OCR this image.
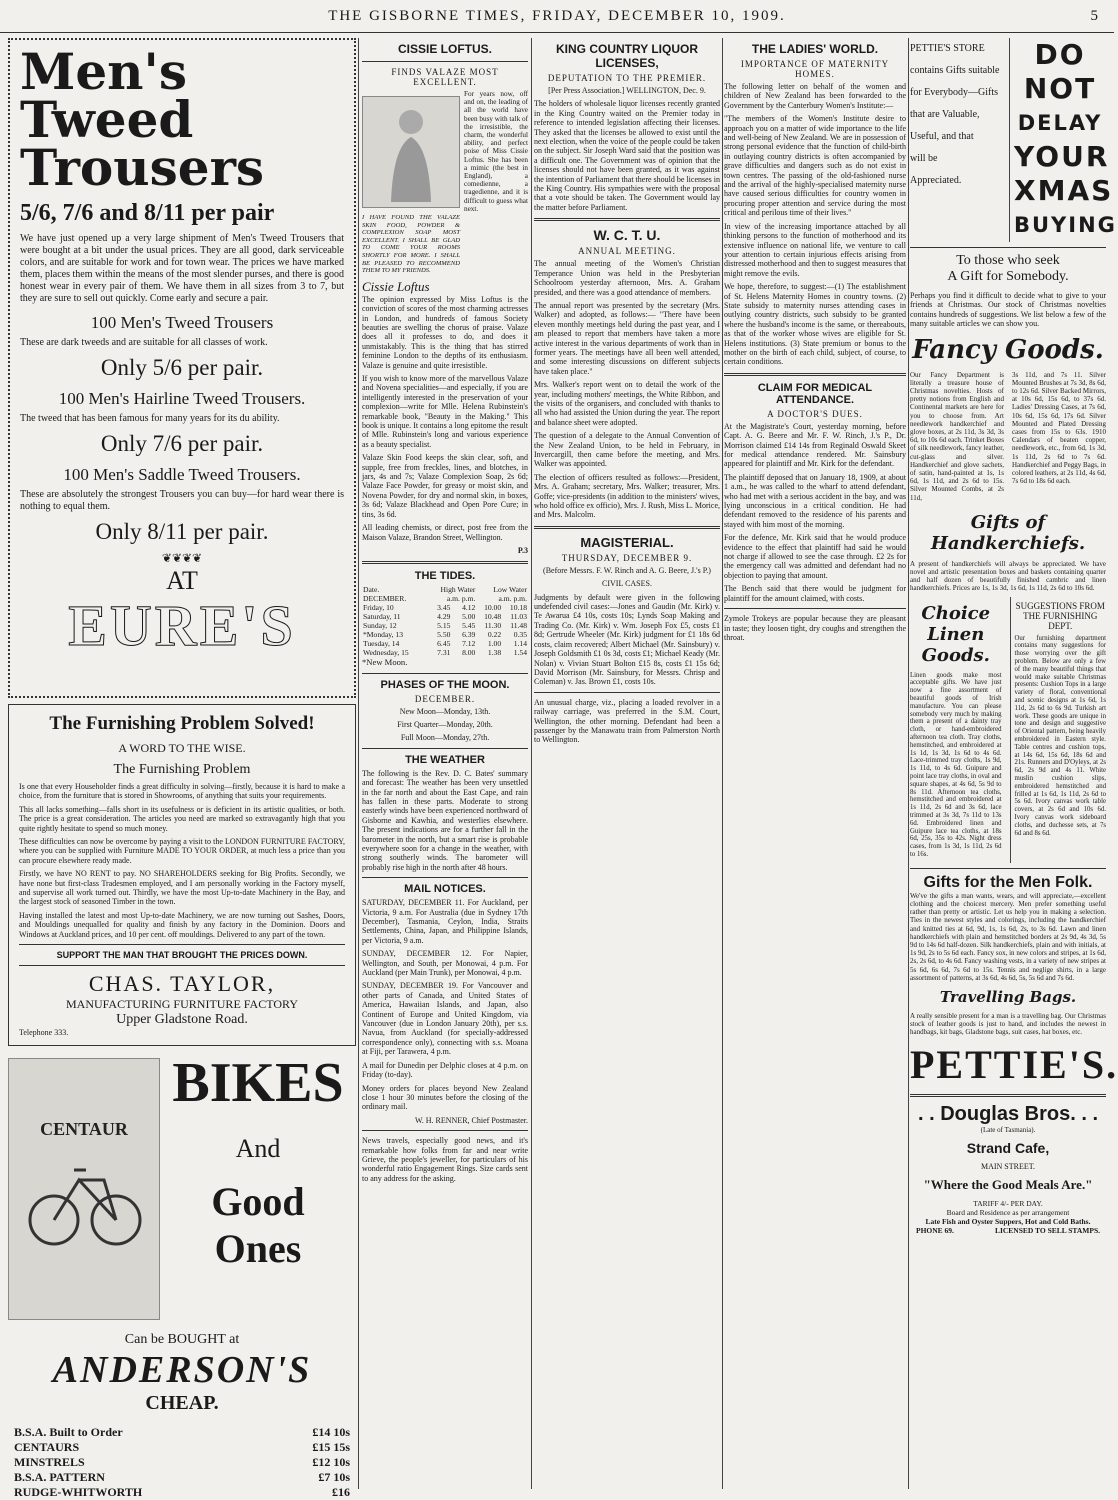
THE GISBORNE TIMES, FRIDAY, DECEMBER 10, 1909.	5
Men's Tweed Trousers
5/6, 7/6 and 8/11 per pair

We have just opened up a very large shipment of Men's Tweed Trousers that were bought at a bit under the usual prices. They are all good, dark serviceable colors, and are suitable for work and for town wear. The prices we have marked them, places them within the means of the most slender purses, and there is good honest wear in every pair of them. We have them in all sizes from 3 to 7, but they are sure to sell out quickly. Come early and secure a pair.

100 Men's Tweed Trousers

These are dark tweeds and are suitable for all classes of work.

Only 5/6 per pair.
100 Men's Hairline Tweed Trousers.

The tweed that has been famous for many years for its du ability.

Only 7/6 per pair.
100 Men's Saddle Tweed Trousers.

These are absolutely the strongest Trousers you can buy—for hard wear there is nothing to equal them.

Only 8/11 per pair.
❦❦❦❦
AT
EURE'S
The Furnishing Problem Solved!
A WORD TO THE WISE.
The Furnishing Problem

Is one that every Householder finds a great difficulty in solving—firstly, because it is hard to make a choice, from the furniture that is stored in Showrooms, of anything that suits your requirements.

This all lacks something—falls short in its usefulness or is deficient in its artistic qualities, or both. The price is a great consideration. The articles you need are marked so extravagantly high that you quite rightly hesitate to spend so much money.

These difficulties can now be overcome by paying a visit to the LONDON FURNITURE FACTORY, where you can be supplied with Furniture MADE TO YOUR ORDER, at much less a price than you can procure elsewhere ready made.

Firstly, we have NO RENT to pay. NO SHAREHOLDERS seeking for Big Profits. Secondly, we have none but first-class Tradesmen employed, and I am personally working in the Factory myself, and supervise all work turned out. Thirdly, we have the most Up-to-date Machinery in the Bay, and the largest stock of seasoned Timber in the town.

Having installed the latest and most Up-to-date Machinery, we are now turning out Sashes, Doors, and Mouldings unequalled for quality and finish by any factory in the Dominion. Doors and Windows at Auckland prices, and 10 per cent. off mouldings. Delivered to any part of the town.

SUPPORT THE MAN THAT BROUGHT THE PRICES DOWN.
CHAS. TAYLOR,
MANUFACTURING FURNITURE FACTORY
Upper Gladstone Road.
Telephone 333.
CENTAUR
BIKES
And
Good
Ones
Can be BOUGHT at
ANDERSON'S
CHEAP.
B.S.A. Built to Order	£14 10s
CENTAURS	£15 15s
MINSTRELS	£12 10s
B.S.A. PATTERN	£7 10s
RUDGE-WHITWORTH	£16
CISSIE LOFTUS.
FINDS VALAZE MOST EXCELLENT.

I HAVE FOUND THE VALAZE SKIN FOOD, POWDER & COMPLEXION SOAP MOST EXCELLENT. I SHALL BE GLAD TO COME YOUR ROOMS SHORTLY FOR MORE. I SHALL BE PLEASED TO RECOMMEND THEM TO MY FRIENDS.

Cissie Loftus

For years now, off and on, the leading of all the world have been busy with talk of the irresistible, the charm, the wonderful ability, and perfect poise of Miss Cissie Loftus. She has been a mimic (the best in England), a comedienne, a tragedienne, and it is difficult to guess what next.

The opinion expressed by Miss Loftus is the conviction of scores of the most charming actresses in London, and hundreds of famous Society beauties are swelling the chorus of praise. Valaze does all it professes to do, and does it unmistakably. This is the thing that has stirred feminine London to the depths of its enthusiasm. Valaze is genuine and quite irresistible.

If you wish to know more of the marvellous Valaze and Novena specialities—and especially, if you are intelligently interested in the preservation of your complexion—write for Mlle. Helena Rubinstein's remarkable book, "Beauty in the Making." This book is unique. It contains a long epitome the result of Mlle. Rubinstein's long and various experience as a beauty specialist.

Valaze Skin Food keeps the skin clear, soft, and supple, free from freckles, lines, and blotches, in jars, 4s and 7s; Valaze Complexion Soap, 2s 6d; Valaze Face Powder, for greasy or moist skin, and Novena Powder, for dry and normal skin, in boxes, 3s 6d; Valaze Blackhead and Open Pore Cure; in tins, 3s 6d.

All leading chemists, or direct, post free from the Maison Valaze, Brandon Street, Wellington.

P.3

THE TIDES.
Date.	High Water		Low Water	
DECEMBER.	a.m. p.m.		a.m. p.m.	
Friday, 10	3.45	4.12	10.00	10.18
Saturday, 11	4.29	5.00	10.48	11.03
Sunday, 12	5.15	5.45	11.30	11.48
*Monday, 13	5.50	6.39	0.22	0.35
Tuesday, 14	6.45	7.12	1.00	1.14
Wednesday, 15	7.31	8.00	1.38	1.54

*New Moon.

PHASES OF THE MOON.
DECEMBER.

New Moon—Monday, 13th.

First Quarter—Monday, 20th.

Full Moon—Monday, 27th.

THE WEATHER

The following is the Rev. D. C. Bates' summary and forecast: The weather has been very unsettled in the far north and about the East Cape, and rain has fallen in these parts. Moderate to strong easterly winds have been experienced northward of Gisborne and Kawhia, and westerlies elsewhere. The present indications are for a further fall in the barometer in the north, but a smart rise is probable everywhere soon for a change in the weather, with strong southerly winds. The barometer will probably rise high in the north after 48 hours.

MAIL NOTICES.

SATURDAY, DECEMBER 11. For Auckland, per Victoria, 9 a.m. For Australia (due in Sydney 17th December), Tasmania, Ceylon, India, Straits Settlements, China, Japan, and Philippine Islands, per Victoria, 9 a.m.

SUNDAY, DECEMBER 12. For Napier, Wellington, and South, per Monowai, 4 p.m. For Auckland (per Main Trunk), per Monowai, 4 p.m.

SUNDAY, DECEMBER 19. For Vancouver and other parts of Canada, and United States of America, Hawaiian Islands, and Japan, also Continent of Europe and United Kingdom, via Vancouver (due in London January 20th), per s.s. Navua, from Auckland (for specially-addressed correspondence only), connecting with s.s. Moana at Fiji, per Tarawera, 4 p.m.

A mail for Dunedin per Delphic closes at 4 p.m. on Friday (to-day).

Money orders for places beyond New Zealand close 1 hour 30 minutes before the closing of the ordinary mail.

W. H. RENNER, Chief Postmaster.

News travels, especially good news, and it's remarkable how folks from far and near write Grieve, the people's jeweller, for particulars of his wonderful ratio Engagement Rings. Size cards sent to any address for the asking.

KING COUNTRY LIQUOR LICENSES,
DEPUTATION TO THE PREMIER.

[Per Press Association.] WELLINGTON, Dec. 9.

The holders of wholesale liquor licenses recently granted in the King Country waited on the Premier today in reference to intended legislation affecting their licenses. They asked that the licenses be allowed to exist until the next election, when the voice of the people could be taken on the subject. Sir Joseph Ward said that the position was a difficult one. The Government was of opinion that the licenses should not have been granted, as it was against the intention of Parliament that there should be licenses in the King Country. His sympathies were with the proposal that a vote should be taken. The Government would lay the matter before Parliament.

W. C. T. U.
ANNUAL MEETING.

The annual meeting of the Women's Christian Temperance Union was held in the Presbyterian Schoolroom yesterday afternoon, Mrs. A. Graham presided, and there was a good attendance of members.

The annual report was presented by the secretary (Mrs. Walker) and adopted, as follows:— "There have been eleven monthly meetings held during the past year, and I am pleased to report that members have taken a more active interest in the various departments of work than in former years. The meetings have all been well attended, and some interesting discussions on different subjects have taken place."

Mrs. Walker's report went on to detail the work of the year, including mothers' meetings, the White Ribbon, and the visits of the organisers, and concluded with thanks to all who had assisted the Union during the year. The report and balance sheet were adopted.

The question of a delegate to the Annual Convention of the New Zealand Union, to be held in February, in Invercargill, then came before the meeting, and Mrs. Walker was appointed.

The election of officers resulted as follows:—President, Mrs. A. Graham; secretary, Mrs. Walker; treasurer, Mrs. Goffe; vice-presidents (in addition to the ministers' wives, who hold office ex officio), Mrs. J. Rush, Miss L. Morice, and Mrs. Malcolm.

MAGISTERIAL.
THURSDAY, DECEMBER 9.

(Before Messrs. F. W. Rinch and A. G. Beere, J.'s P.)

CIVIL CASES.

Judgments by default were given in the following undefended civil cases:—Jones and Gaudin (Mr. Kirk) v. Te Awarua £4 10s, costs 10s; Lynds Soap Making and Trading Co. (Mr. Kirk) v. Wm. Joseph Fox £5, costs £1 8d; Gertrude Wheeler (Mr. Kirk) judgment for £1 18s 6d costs, claim recovered; Albert Michael (Mr. Sainsbury) v. Joseph Goldsmith £1 0s 3d, costs £1; Michael Keady (Mr. Nolan) v. Vivian Stuart Bolton £15 8s, costs £1 15s 6d; David Morrison (Mr. Sainsbury, for Messrs. Chrisp and Coleman) v. Jas. Brown £1, costs 10s.

An unusual charge, viz., placing a loaded revolver in a railway carriage, was preferred in the S.M. Court, Wellington, the other morning. Defendant had been a passenger by the Manawatu train from Palmerston North to Wellington.

THE LADIES' WORLD.
IMPORTANCE OF MATERNITY HOMES.

The following letter on behalf of the women and children of New Zealand has been forwarded to the Government by the Canterbury Women's Institute:—

"The members of the Women's Institute desire to approach you on a matter of wide importance to the life and well-being of New Zealand. We are in possession of strong personal evidence that the function of child-birth in outlaying country districts is often accompanied by grave difficulties and dangers such as do not exist in town centres. The passing of the old-fashioned nurse and the arrival of the highly-specialised maternity nurse have caused serious difficulties for country women in procuring proper attention and service during the most critical and perilous time of their lives."

In view of the increasing importance attached by all thinking persons to the function of motherhood and its extensive influence on national life, we venture to call your attention to certain injurious effects arising from distressed motherhood and then to suggest measures that might remove the evils.

We hope, therefore, to suggest:—(1) The establishment of St. Helens Maternity Homes in country towns. (2) State subsidy to maternity nurses attending cases in outlying country districts, such subsidy to be granted where the husband's income is the same, or thereabouts, as that of the worker whose wives are eligible for St. Helens institutions. (3) State premium or bonus to the mother on the birth of each child, subject, of course, to certain conditions.

CLAIM FOR MEDICAL ATTENDANCE.
A DOCTOR'S DUES.

At the Magistrate's Court, yesterday morning, before Capt. A. G. Beere and Mr. F. W. Rinch, J.'s P., Dr. Morrison claimed £14 14s from Reginald Oswald Skeet for medical attendance rendered. Mr. Sainsbury appeared for plaintiff and Mr. Kirk for the defendant.

The plaintiff deposed that on January 18, 1909, at about 1 a.m., he was called to the wharf to attend defendant, who had met with a serious accident in the bay, and was lying unconscious in a critical condition. He had defendant removed to the residence of his parents and stayed with him most of the morning.

For the defence, Mr. Kirk said that he would produce evidence to the effect that plaintiff had said he would not charge if allowed to see the case through. £2 2s for the emergency call was admitted and defendant had no objection to paying that amount.

The Bench said that there would be judgment for plaintiff for the amount claimed, with costs.

Zymole Trokeys are popular because they are pleasant in taste; they loosen tight, dry coughs and strengthen the throat.

PETTIE'S STORE
contains Gifts suitable
for Everybody—Gifts
that are Valuable,
Useful, and that
will be
Appreciated.
DO
NOT
DELAY
YOUR
XMAS
BUYING
To those who seek
A Gift for Somebody.

Perhaps you find it difficult to decide what to give to your friends at Christmas. Our stock of Christmas novelties contains hundreds of suggestions. We list below a few of the many suitable articles we can show you.

Fancy Goods.

Our Fancy Department is literally a treasure house of Christmas novelties. Hosts of pretty notions from English and Continental markets are here for you to choose from. Art needlework handkerchief and glove boxes, at 2s 11d, 3s 3d, 3s 6d, to 10s 6d each. Trinket Boxes of silk needlework, fancy leather, cut-glass and silver. Handkerchief and glove sachets, of satin, hand-painted at 1s, 1s 6d, 1s 11d, and 2s 6d to 15s. Silver Mounted Combs, at 2s 11d,

3s 11d, and 7s 11. Silver Mounted Brushes at 7s 3d, 8s 6d, to 12s 6d. Silver Backed Mirrors, at 10s 6d, 15s 6d, to 37s 6d. Ladies' Dressing Cases, at 7s 6d, 10s 6d, 15s 6d, 17s 6d. Silver Mounted and Plated Dressing cases from 15s to 63s. 1910 Calendars of beaten copper, needlework, etc., from 6d, 1s 3d, 1s 11d, 2s 6d to 7s 6d. Handkerchief and Peggy Bags, in colored leathers, at 2s 11d, 4s 6d, 7s 6d to 18s 6d each.

Gifts of Handkerchiefs.

A present of handkerchiefs will always be appreciated. We have novel and artistic presentation boxes and baskets containing quarter and half dozen of beautifully finished cambric and linen handkerchiefs. Prices are 1s, 1s 3d, 1s 6d, 1s 11d, 2s 6d to 10s 6d.

Choice Linen Goods.

Linen goods make most acceptable gifts. We have just now a fine assortment of beautiful goods of Irish manufacture. You can please somebody very much by making them a present of a dainty tray cloth, or hand-embroidered afternoon tea cloth. Tray cloths, hemstitched, and embroidered at 1s 1d, 1s 3d, 1s 6d to 4s 6d. Lace-trimmed tray cloths, 1s 9d, 1s 11d, to 4s 6d. Guipure and point lace tray cloths, in oval and square shapes, at 4s 6d, 5s 9d to 8s 11d. Afternoon tea cloths, hemstitched and embroidered at 1s 11d, 2s 6d and 3s 6d, lace trimmed at 3s 3d, 7s 11d to 13s 6d. Embroidered linen and Guipure lace tea cloths, at 18s 6d, 25s, 35s to 42s. Night dress cases, from 1s 3d, 1s 11d, 2s 6d to 16s.

SUGGESTIONS FROM THE FURNISHING DEPT.

Our furnishing department contains many suggestions for those worrying over the gift problem. Below are only a few of the many beautiful things that would make suitable Christmas presents: Cushion Tops in a large variety of floral, conventional and scenic designs at 1s 6d, 1s 11d, 2s 6d to 6s 9d. Turkish art work. These goods are unique in tone and design and suggestive of Oriental pattern, being heavily embroidered in Eastern style. Table centres and cushion tops, at 14s 6d, 15s 6d, 18s 6d and 21s. Runners and D'Oyleys, at 2s 6d, 2s 9d and 4s 11. White muslin cushion slips, embroidered hemstitched and frilled at 1s 6d, 1s 11d, 2s 6d to 5s 6d. Ivory canvas work table covers, at 2s 6d and 10s 6d. Ivory canvas work sideboard cloths, and duchesse sets, at 7s 6d and 8s 6d.

Gifts for the Men Folk.

We've the gifts a man wants, wears, and will appreciate,—excellent clothing and the choicest mercery. Men prefer something useful rather than pretty or artistic. Let us help you in making a selection. Ties in the newest styles and colorings, including the handkerchief and knitted ties at 6d, 9d, 1s, 1s 6d, 2s, to 3s 6d. Lawn and linen handkerchiefs with plain and hemstitched borders at 2s 9d, 4s 3d, 5s 9d to 14s 6d half-dozen. Silk handkerchiefs, plain and with initials, at 1s 9d, 2s to 5s 6d each. Fancy sox, in new colors and stripes, at 1s 6d, 2s, 2s 6d, to 4s 6d. Fancy washing vests, in a variety of new stripes at 5s 6d, 6s 6d, 7s 6d to 15s. Tennis and neglige shirts, in a large assortment of patterns, at 3s 6d, 4s 6d, 5s, 5s 6d and 7s 6d.

Travelling Bags.

A really sensible present for a man is a travelling bag. Our Christmas stock of leather goods is just to hand, and includes the newest in handbags, kit bags, Gladstone bags, suit cases, hat boxes, etc.

PETTIE'S.
. . Douglas Bros. . .
(Late of Tasmania).
Strand Cafe,
MAIN STREET.
"Where the Good Meals Are."
TARIFF 4/- PER DAY.
Board and Residence as per arrangement
Late Fish and Oyster Suppers, Hot and Cold Baths.
PHONE 69.	LICENSED TO SELL STAMPS.
